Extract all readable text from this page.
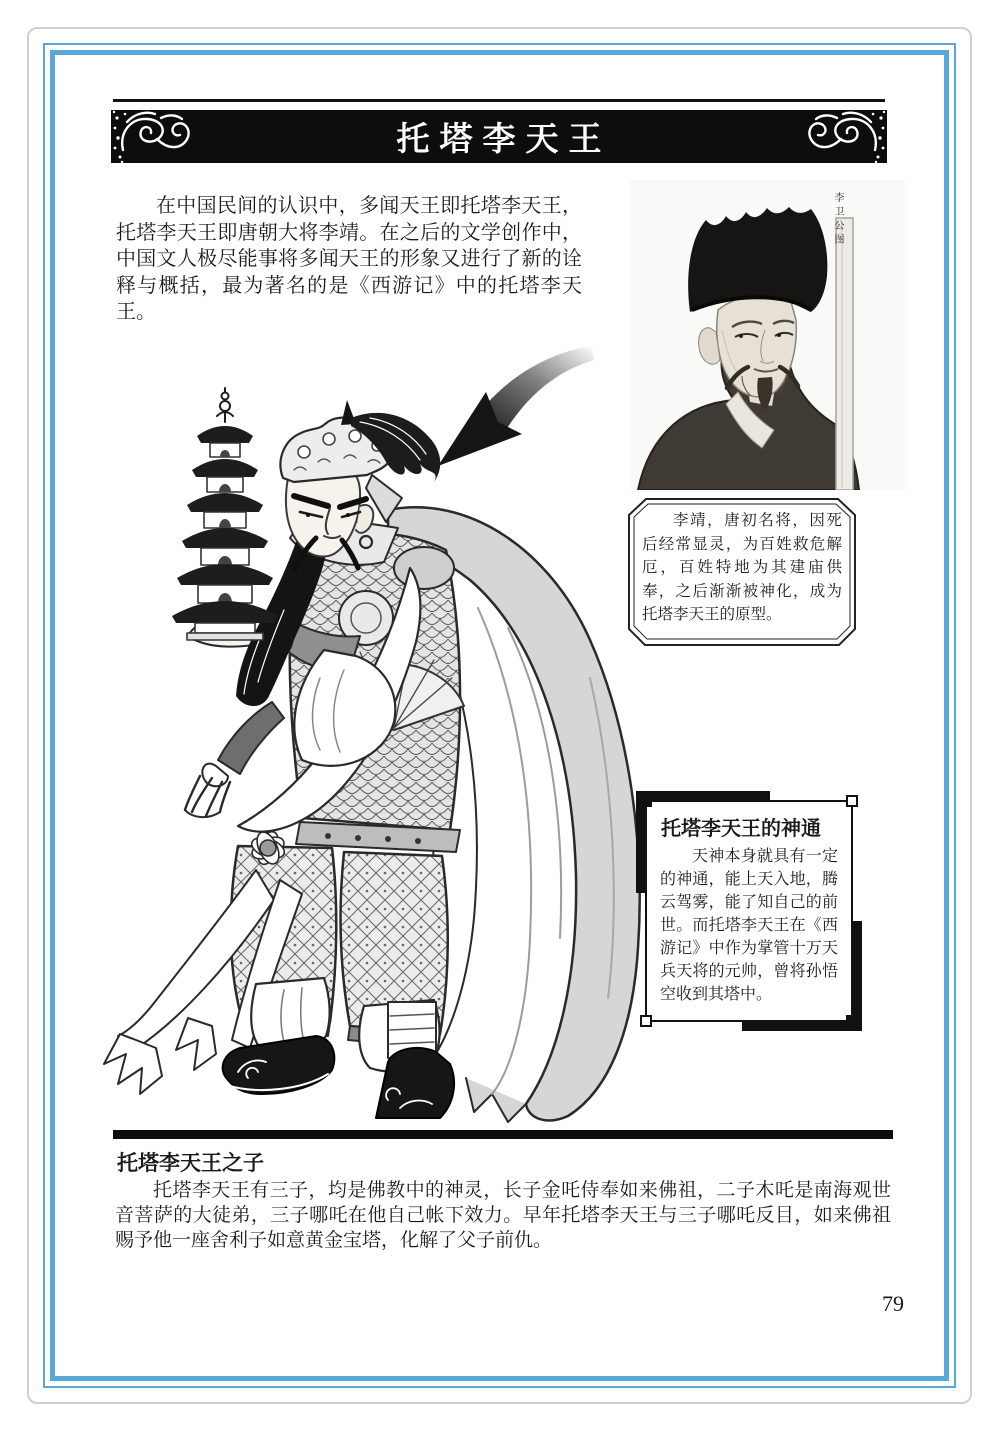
托塔李天王

在中国民间的认识中，多闻天王即托塔李天王，托塔李天王即唐朝大将李靖。在之后的文学创作中，中国文人极尽能事将多闻天王的形象又进行了新的诠释与概括，最为著名的是《西游记》中的托塔李天王。

李卫公图
李靖，唐初名将，因死后经常显灵，为百姓救危解厄，百姓特地为其建庙供奉，之后渐渐被神化，成为托塔李天王的原型。
托塔李天王的神通

天神本身就具有一定的神通，能上天入地，腾云驾雾，能了知自己的前世。而托塔李天王在《西游记》中作为掌管十万天兵天将的元帅，曾将孙悟空收到其塔中。

托塔李天王之子

托塔李天王有三子，均是佛教中的神灵，长子金吒侍奉如来佛祖，二子木吒是南海观世音菩萨的大徒弟，三子哪吒在他自己帐下效力。早年托塔李天王与三子哪吒反目，如来佛祖赐予他一座舍利子如意黄金宝塔，化解了父子前仇。

79
